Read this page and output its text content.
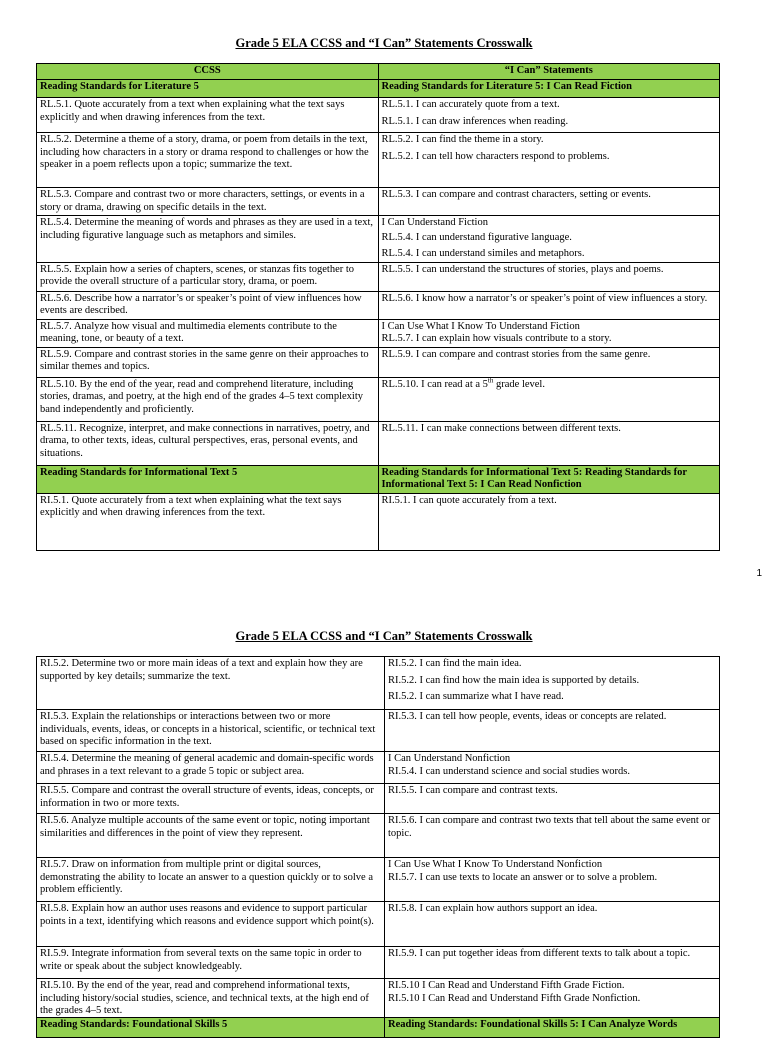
Grade 5 ELA CCSS and “I Can” Statements Crosswalk
CCSS	“I Can” Statements
Reading Standards for Literature 5	Reading Standards for Literature 5: I Can Read Fiction
RL.5.1. Quote accurately from a text when explaining what the text says explicitly and when drawing inferences from the text.	RL.5.1. I can accurately quote from a text.
RL.5.1. I can draw inferences when reading.

RL.5.2. Determine a theme of a story, drama, or poem from details in the text, including how characters in a story or drama respond to challenges or how the speaker in a poem reflects upon a topic; summarize the text.	RL.5.2. I can find the theme in a story.
RL.5.2. I can tell how characters respond to problems.

RL.5.3. Compare and contrast two or more characters, settings, or events in a story or drama, drawing on specific details in the text.	RL.5.3. I can compare and contrast characters, setting or events.

RL.5.4. Determine the meaning of words and phrases as they are used in a text, including figurative language such as metaphors and similes.	I Can Understand Fiction
RL.5.4. I can understand figurative language.
RL.5.4. I can understand similes and metaphors.

RL.5.5. Explain how a series of chapters, scenes, or stanzas fits together to provide the overall structure of a particular story, drama, or poem.	RL.5.5. I can understand the structures of stories, plays and poems.

RL.5.6. Describe how a narrator’s or speaker’s point of view influences how events are described.	RL.5.6. I know how a narrator’s or speaker’s point of view influences a story.

RL.5.7. Analyze how visual and multimedia elements contribute to the meaning, tone, or beauty of a text.	I Can Use What I Know To Understand Fiction
RL.5.7. I can explain how visuals contribute to a story.

RL.5.9. Compare and contrast stories in the same genre on their approaches to similar themes and topics.	RL.5.9. I can compare and contrast stories from the same genre.

RL.5.10. By the end of the year, read and comprehend literature, including stories, dramas, and poetry, at the high end of the grades 4–5 text complexity band independently and proficiently.	RL.5.10. I can read at a 5th grade level.

RL.5.11. Recognize, interpret, and make connections in narratives, poetry, and drama, to other texts, ideas, cultural perspectives, eras, personal events, and situations.	RL.5.11. I can make connections between different texts.

Reading Standards for Informational Text 5	Reading Standards for Informational Text 5: Reading Standards for Informational Text 5: I Can Read Nonfiction
RI.5.1. Quote accurately from a text when explaining what the text says explicitly and when drawing inferences from the text.	RI.5.1. I can quote accurately from a text.
1
Grade 5 ELA CCSS and “I Can” Statements Crosswalk
RI.5.2. Determine two or more main ideas of a text and explain how they are supported by key details; summarize the text.	RI.5.2. I can find the main idea.
RI.5.2. I can find how the main idea is supported by details.
RI.5.2. I can summarize what I have read.

RI.5.3. Explain the relationships or interactions between two or more individuals, events, ideas, or concepts in a historical, scientific, or technical text based on specific information in the text.	RI.5.3. I can tell how people, events, ideas or concepts are related.

RI.5.4. Determine the meaning of general academic and domain-specific words and phrases in a text relevant to a grade 5 topic or subject area.	I Can Understand Nonfiction
RI.5.4. I can understand science and social studies words.

RI.5.5. Compare and contrast the overall structure of events, ideas, concepts, or information in two or more texts.	RI.5.5. I can compare and contrast texts.

RI.5.6. Analyze multiple accounts of the same event or topic, noting important similarities and differences in the point of view they represent.	RI.5.6. I can compare and contrast two texts that tell about the same event or topic.

RI.5.7. Draw on information from multiple print or digital sources, demonstrating the ability to locate an answer to a question quickly or to solve a problem efficiently.	I Can Use What I Know To Understand Nonfiction
RI.5.7. I can use texts to locate an answer or to solve a problem.

RI.5.8. Explain how an author uses reasons and evidence to support particular points in a text, identifying which reasons and evidence support which point(s).	RI.5.8. I can explain how authors support an idea.

RI.5.9. Integrate information from several texts on the same topic in order to write or speak about the subject knowledgeably.	RI.5.9. I can put together ideas from different texts to talk about a topic.

RI.5.10. By the end of the year, read and comprehend informational texts, including history/social studies, science, and technical texts, at the high end of the grades 4–5 text.	RI.5.10 I Can Read and Understand Fifth Grade Fiction.
RI.5.10 I Can Read and Understand Fifth Grade Nonfiction.
Reading Standards: Foundational Skills 5	Reading Standards: Foundational Skills 5: I Can Analyze Words
